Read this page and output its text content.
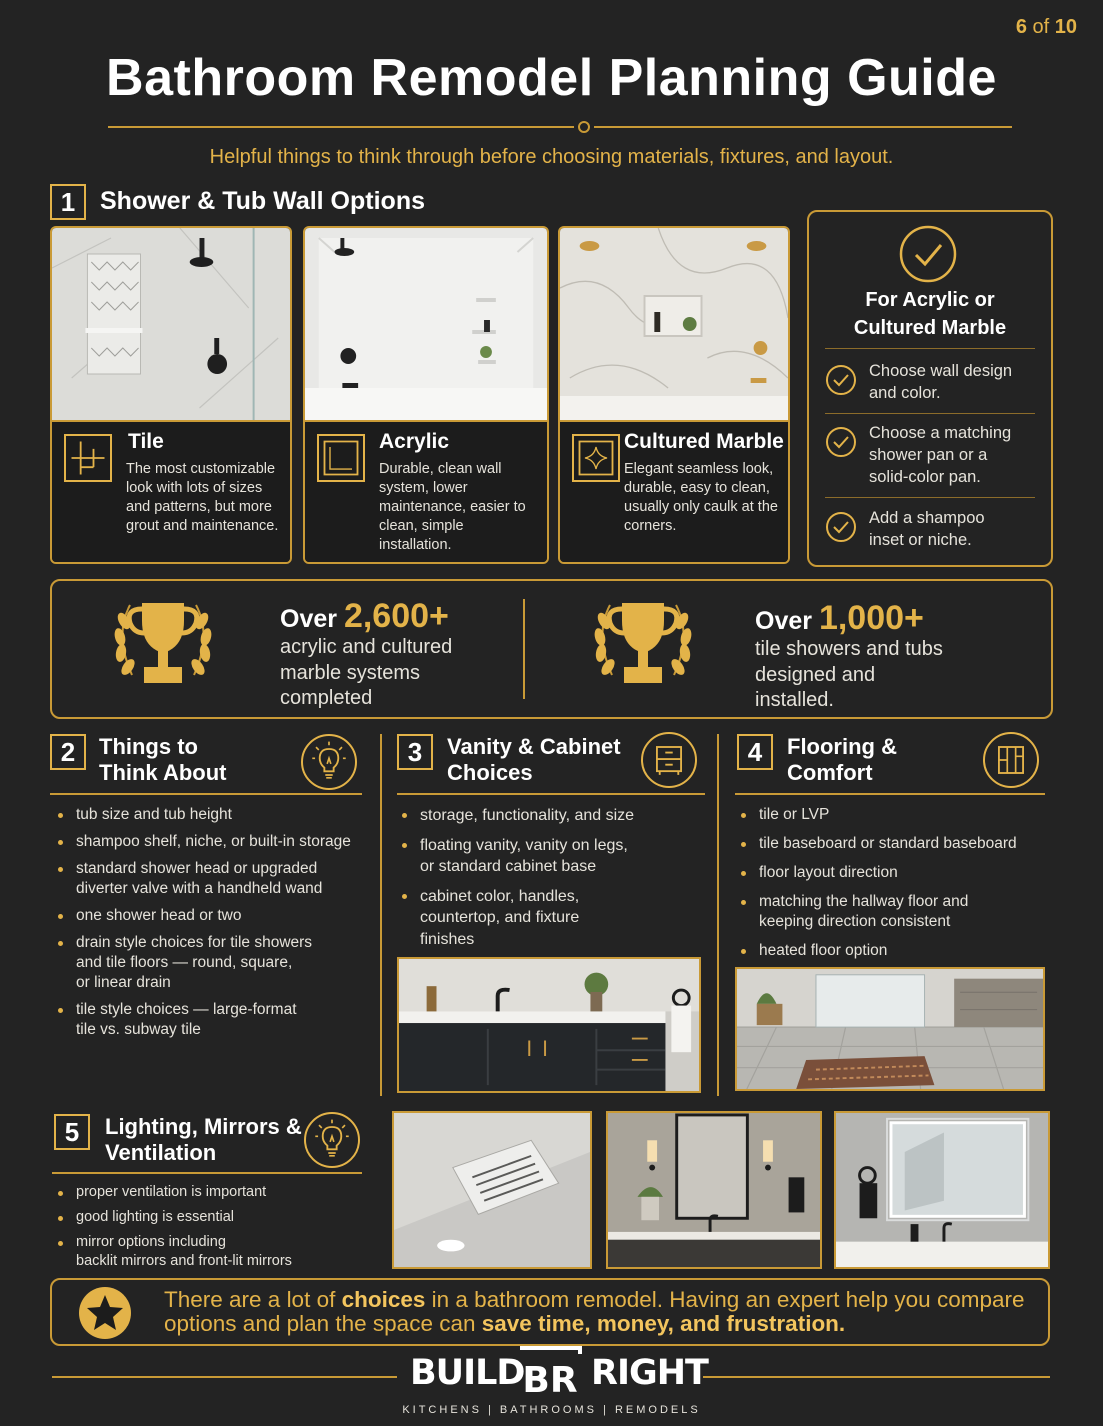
6 of 10
Bathroom Remodel Planning Guide
Helpful things to think through before choosing materials, fixtures, and layout.
1 Shower & Tub Wall Options
Tile
The most customizable look with lots of sizes and patterns, but more grout and maintenance.
Acrylic
Durable, clean wall system, lower maintenance, easier to clean, simple installation.
Cultured Marble
Elegant seamless look, durable, easy to clean, usually only caulk at the corners.
For Acrylic or
Cultured Marble
Choose wall design
and color.
Choose a matching
shower pan or a
solid-color pan.
Add a shampoo
inset or niche.
Over 2,600+
acrylic and cultured
marble systems
completed
Over 1,000+
tile showers and tubs
designed and
installed.
2	Things to
Think About
tub size and tub height
shampoo shelf, niche, or built-in storage
standard shower head or upgraded
diverter valve with a handheld wand
one shower head or two
drain style choices for tile showers
and tile floors — round, square,
or linear drain
tile style choices — large-format
tile vs. subway tile
3	Vanity & Cabinet
Choices
storage, functionality, and size
floating vanity, vanity on legs,
or standard cabinet base
cabinet color, handles,
countertop, and fixture
finishes
4	Flooring &
Comfort
tile or LVP
tile baseboard or standard baseboard
floor layout direction
matching the hallway floor and
keeping direction consistent
heated floor option
5	Lighting, Mirrors &
Ventilation
proper ventilation is important
good lighting is essential
mirror options including
backlit mirrors and front-lit mirrors
There are a lot of choices in a bathroom remodel. Having an expert help you compare options and plan the space can save time, money, and frustration.
BUILD
BR RIGHT
KITCHENS | BATHROOMS | REMODELS
